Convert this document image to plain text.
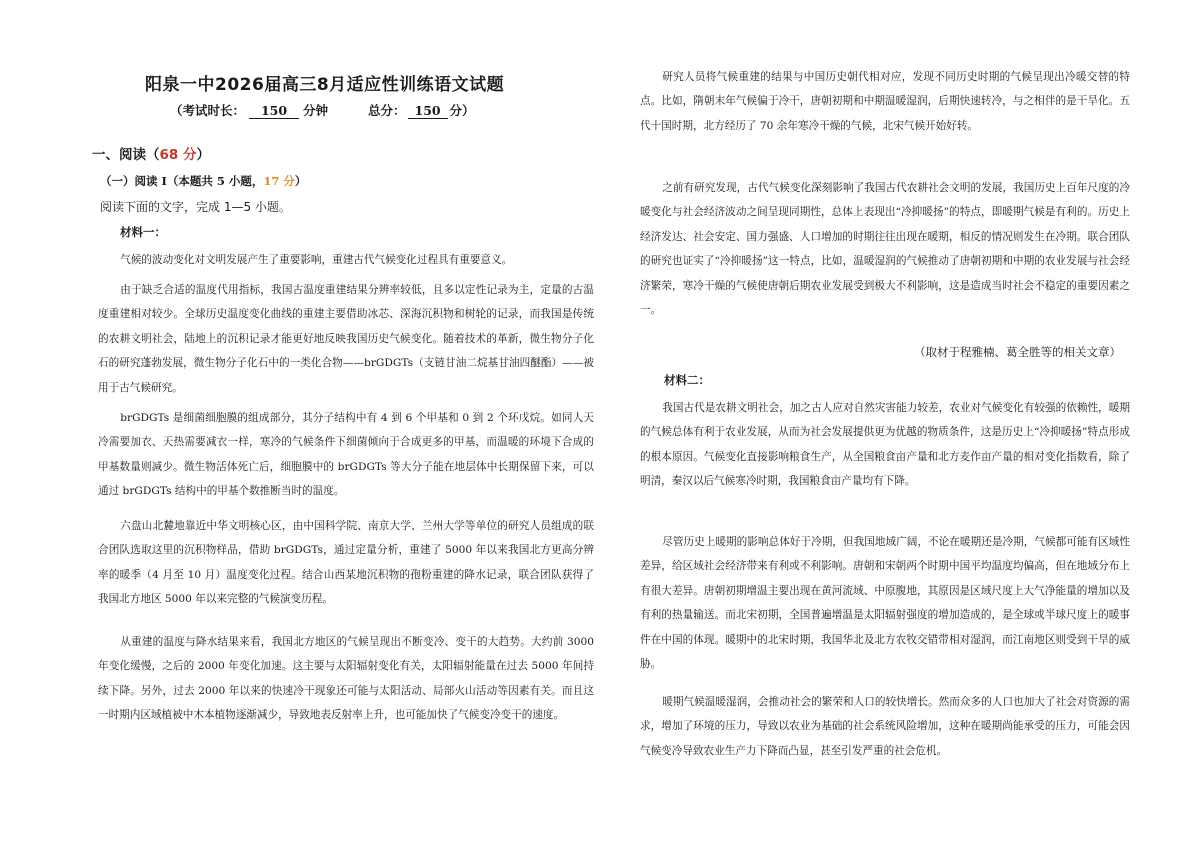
阳泉一中2026届高三8月适应性训练语文试题
（考试时长： 150 分钟	总分： 150 分）
一、阅读（68 分）
（一）阅读 I（本题共 5 小题，17 分）
阅读下面的文字，完成 1—5 小题。
材料一：
气候的波动变化对文明发展产生了重要影响，重建古代气候变化过程具有重要意义。
由于缺乏合适的温度代用指标，我国古温度重建结果分辨率较低，且多以定性记录为主，定量的古温度重建相对较少。全球历史温度变化曲线的重建主要借助冰芯、深海沉积物和树轮的记录，而我国是传统的农耕文明社会，陆地上的沉积记录才能更好地反映我国历史气候变化。随着技术的革新，微生物分子化石的研究蓬勃发展，微生物分子化石中的一类化合物——brGDGTs（支链甘油二烷基甘油四醚酯）——被用于古气候研究。
brGDGTs 是细菌细胞膜的组成部分，其分子结构中有 4 到 6 个甲基和 0 到 2 个环戊烷。如同人天冷需要加衣、天热需要减衣一样，寒冷的气候条件下细菌倾向于合成更多的甲基，而温暖的环境下合成的甲基数量则减少。微生物活体死亡后，细胞膜中的 brGDGTs 等大分子能在地层体中长期保留下来，可以通过 brGDGTs 结构中的甲基个数推断当时的温度。
六盘山北麓地靠近中华文明核心区，由中国科学院、南京大学、兰州大学等单位的研究人员组成的联合团队选取这里的沉积物样品，借助 brGDGTs，通过定量分析，重建了 5000 年以来我国北方更高分辨率的暖季（4 月至 10 月）温度变化过程。结合山西某地沉积物的孢粉重建的降水记录，联合团队获得了我国北方地区 5000 年以来完整的气候演变历程。
从重建的温度与降水结果来看，我国北方地区的气候呈现出不断变冷、变干的大趋势。大约前 3000 年变化缓慢，之后的 2000 年变化加速。这主要与太阳辐射变化有关，太阳辐射能量在过去 5000 年间持续下降。另外，过去 2000 年以来的快速冷干现象还可能与太阳活动、局部火山活动等因素有关。而且这一时期内区域植被中木本植物逐渐减少，导致地表反射率上升，也可能加快了气候变冷变干的速度。
研究人员将气候重建的结果与中国历史朝代相对应，发现不同历史时期的气候呈现出冷暖交替的特点。比如，隋朝末年气候偏于冷干，唐朝初期和中期温暖湿润，后期快速转冷，与之相伴的是干旱化。五代十国时期，北方经历了 70 余年寒冷干燥的气候，北宋气候开始好转。
之前有研究发现，古代气候变化深刻影响了我国古代农耕社会文明的发展，我国历史上百年尺度的冷暖变化与社会经济波动之间呈现同期性，总体上表现出“冷抑暖扬”的特点，即暖期气候是有利的。历史上经济发达、社会安定、国力强盛、人口增加的时期往往出现在暖期，相反的情况则发生在冷期。联合团队的研究也证实了“冷抑暖扬”这一特点，比如，温暖湿润的气候推动了唐朝初期和中期的农业发展与社会经济繁荣，寒冷干燥的气候使唐朝后期农业发展受到极大不利影响，这是造成当时社会不稳定的重要因素之一。
（取材于程雅楠、葛全胜等的相关文章）
材料二：
我国古代是农耕文明社会，加之古人应对自然灾害能力较差，农业对气候变化有较强的依赖性，暖期的气候总体有利于农业发展，从而为社会发展提供更为优越的物质条件，这是历史上“冷抑暖扬”特点形成的根本原因。气候变化直接影响粮食生产，从全国粮食亩产量和北方麦作亩产量的相对变化指数看，除了明清，秦汉以后气候寒冷时期，我国粮食亩产量均有下降。
尽管历史上暖期的影响总体好于冷期，但我国地域广阔，不论在暖期还是冷期，气候都可能有区域性差异，给区域社会经济带来有利或不利影响。唐朝和宋朝两个时期中国平均温度均偏高，但在地域分布上有很大差异。唐朝初期增温主要出现在黄河流域、中原腹地，其原因是区域尺度上大气净能量的增加以及有利的热量输送。而北宋初期，全国普遍增温是太阳辐射强度的增加造成的，是全球或半球尺度上的暖事件在中国的体现。暖期中的北宋时期，我国华北及北方农牧交错带相对湿润，而江南地区则受到干旱的威胁。
暖期气候温暖湿润，会推动社会的繁荣和人口的较快增长。然而众多的人口也加大了社会对资源的需求，增加了环境的压力，导致以农业为基础的社会系统风险增加，这种在暖期尚能承受的压力，可能会因气候变冷导致农业生产力下降而凸显，甚至引发严重的社会危机。
